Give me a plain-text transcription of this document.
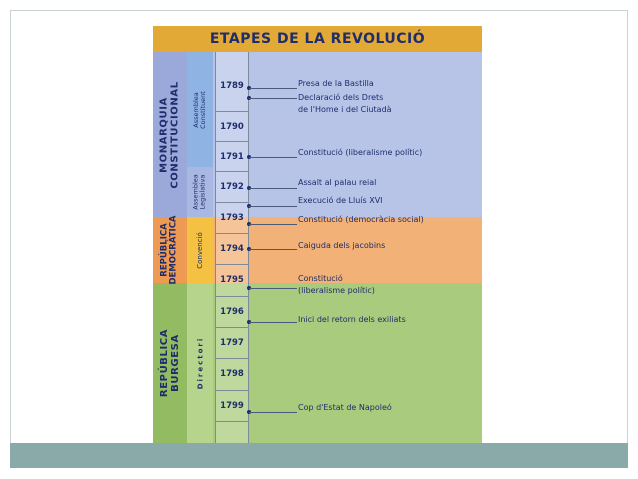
ETAPES DE LA REVOLUCIÓ
MONARQUIA
CONSTITUCIONAL
REPÚBLICA
DEMOCRÀTICA
REPÚBLICA
BURGESA
Assemblea
Constituent
Assemblea
Legislativa
Convenció
Directori
1789
1790
1791
1792
1793
1794
1795
1796
1797
1798
1799
Presa de la Bastilla
Declaració dels Drets
de l'Home i del Ciutadà
Constitució (liberalisme polític)
Assalt al palau reial
Execució de Lluís XVI
Constitució (democràcia social)
Caiguda dels jacobins
Constitució
(liberalisme polític)
Inici del retorn dels exiliats
Cop d'Estat de Napoleó
